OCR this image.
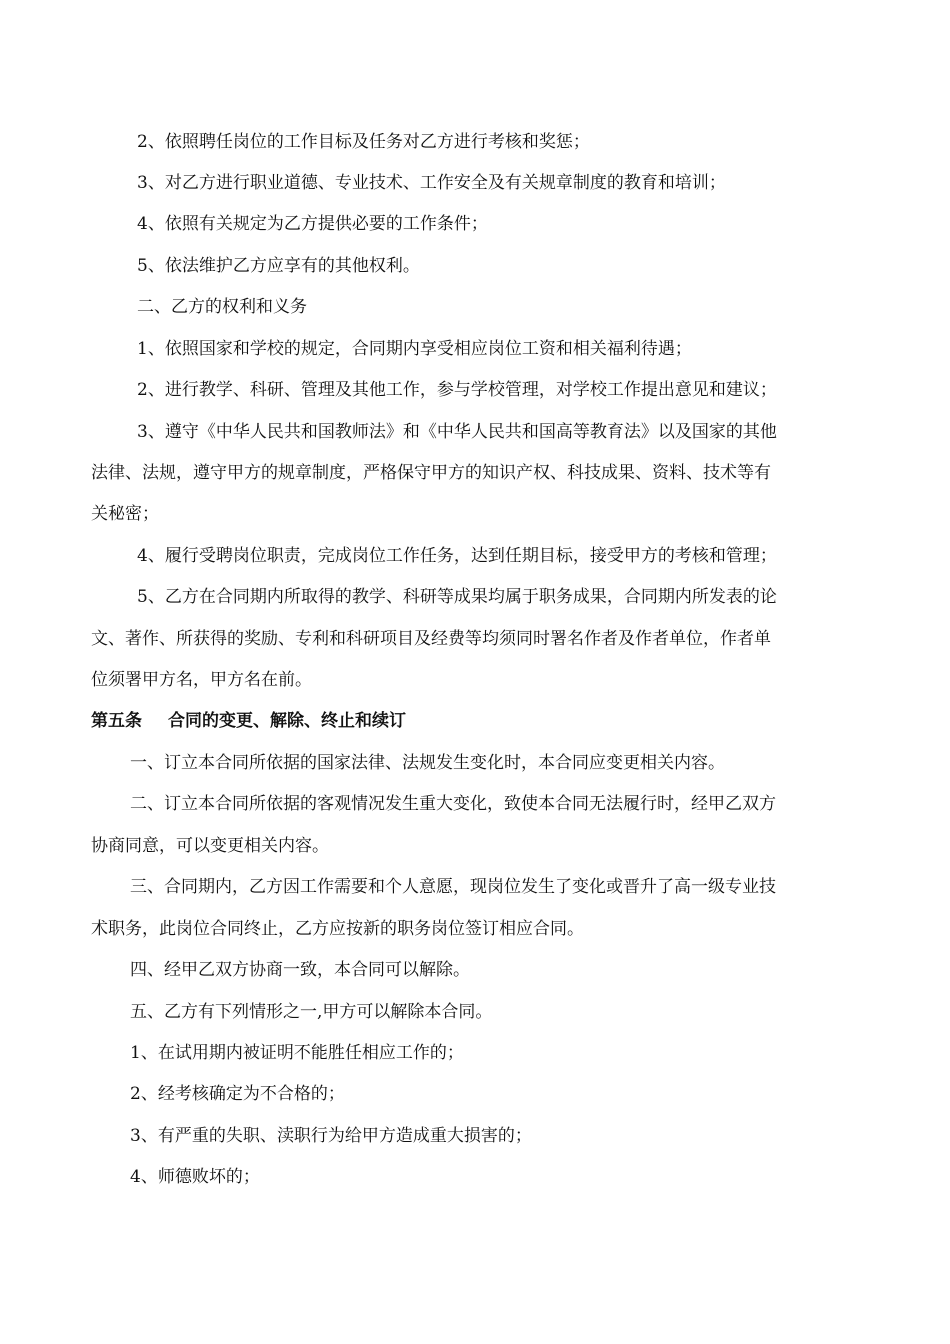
2、依照聘任岗位的工作目标及任务对乙方进行考核和奖惩；
3、对乙方进行职业道德、专业技术、工作安全及有关规章制度的教育和培训；
4、依照有关规定为乙方提供必要的工作条件；
5、依法维护乙方应享有的其他权利。
二、乙方的权利和义务
1、依照国家和学校的规定，合同期内享受相应岗位工资和相关福利待遇；
2、进行教学、科研、管理及其他工作，参与学校管理，对学校工作提出意见和建议；
3、遵守《中华人民共和国教师法》和《中华人民共和国高等教育法》以及国家的其他
法律、法规，遵守甲方的规章制度，严格保守甲方的知识产权、科技成果、资料、技术等有
关秘密；
4、履行受聘岗位职责，完成岗位工作任务，达到任期目标，接受甲方的考核和管理；
5、乙方在合同期内所取得的教学、科研等成果均属于职务成果，合同期内所发表的论
文、著作、所获得的奖励、专利和科研项目及经费等均须同时署名作者及作者单位，作者单
位须署甲方名，甲方名在前。
第五条 合同的变更、解除、终止和续订
一、订立本合同所依据的国家法律、法规发生变化时，本合同应变更相关内容。
二、订立本合同所依据的客观情况发生重大变化，致使本合同无法履行时，经甲乙双方
协商同意，可以变更相关内容。
三、合同期内，乙方因工作需要和个人意愿，现岗位发生了变化或晋升了高一级专业技
术职务，此岗位合同终止，乙方应按新的职务岗位签订相应合同。
四、经甲乙双方协商一致，本合同可以解除。
五、乙方有下列情形之一,甲方可以解除本合同。
1、在试用期内被证明不能胜任相应工作的；
2、经考核确定为不合格的；
3、有严重的失职、渎职行为给甲方造成重大损害的；
4、师德败坏的；
